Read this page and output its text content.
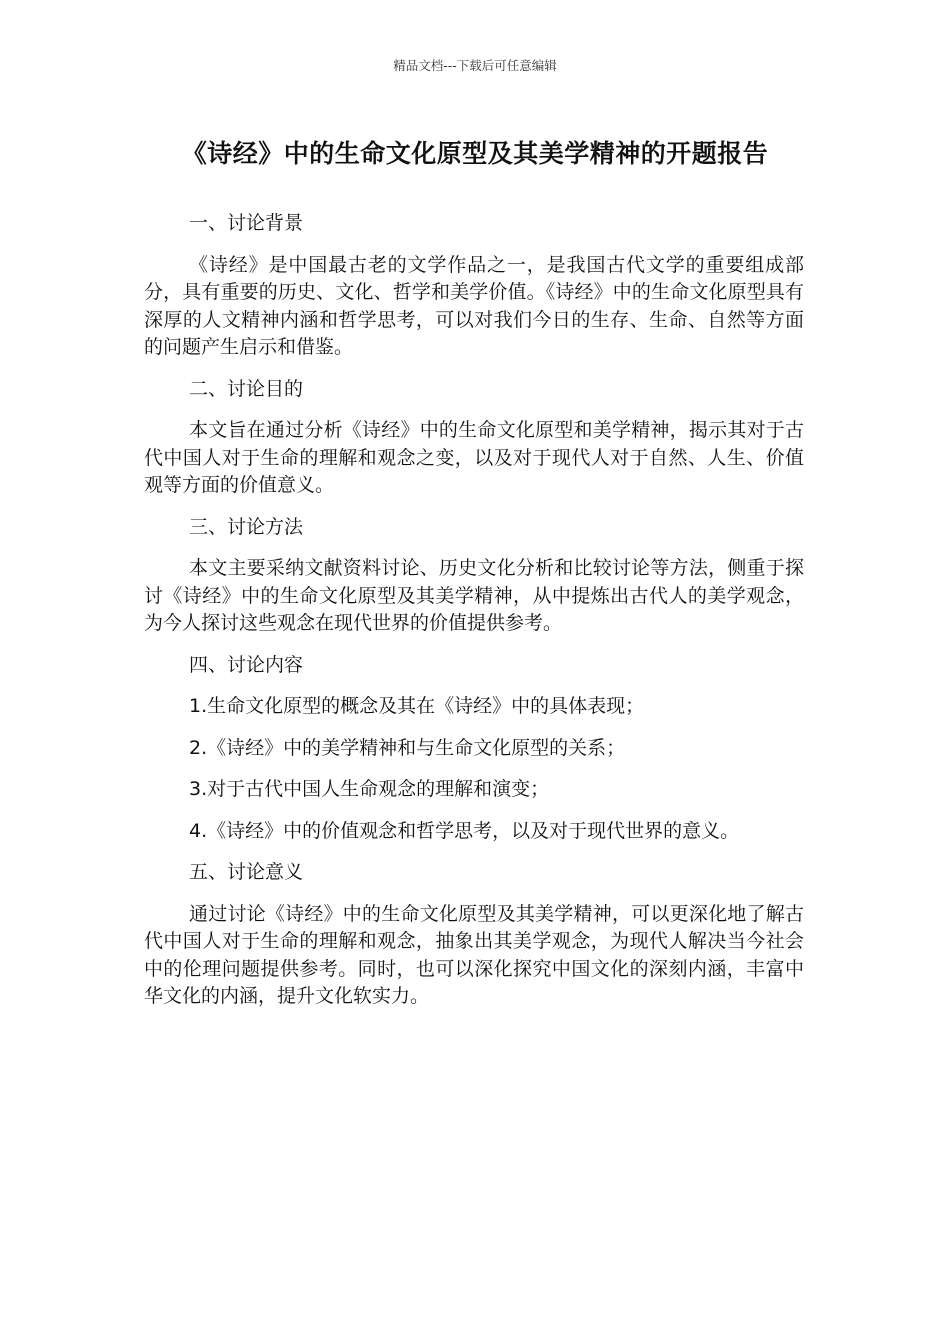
精品文档---下载后可任意编辑
《诗经》中的生命文化原型及其美学精神的开题报告

一、讨论背景

《诗经》是中国最古老的文学作品之一，是我国古代文学的重要组成部分，具有重要的历史、文化、哲学和美学价值。《诗经》中的生命文化原型具有深厚的人文精神内涵和哲学思考，可以对我们今日的生存、生命、自然等方面的问题产生启示和借鉴。

二、讨论目的

本文旨在通过分析《诗经》中的生命文化原型和美学精神，揭示其对于古代中国人对于生命的理解和观念之变，以及对于现代人对于自然、人生、价值观等方面的价值意义。

三、讨论方法

本文主要采纳文献资料讨论、历史文化分析和比较讨论等方法，侧重于探讨《诗经》中的生命文化原型及其美学精神，从中提炼出古代人的美学观念，为今人探讨这些观念在现代世界的价值提供参考。

四、讨论内容

1.生命文化原型的概念及其在《诗经》中的具体表现；

2.《诗经》中的美学精神和与生命文化原型的关系；

3.对于古代中国人生命观念的理解和演变；

4.《诗经》中的价值观念和哲学思考，以及对于现代世界的意义。

五、讨论意义

通过讨论《诗经》中的生命文化原型及其美学精神，可以更深化地了解古代中国人对于生命的理解和观念，抽象出其美学观念，为现代人解决当今社会中的伦理问题提供参考。同时，也可以深化探究中国文化的深刻内涵，丰富中华文化的内涵，提升文化软实力。
